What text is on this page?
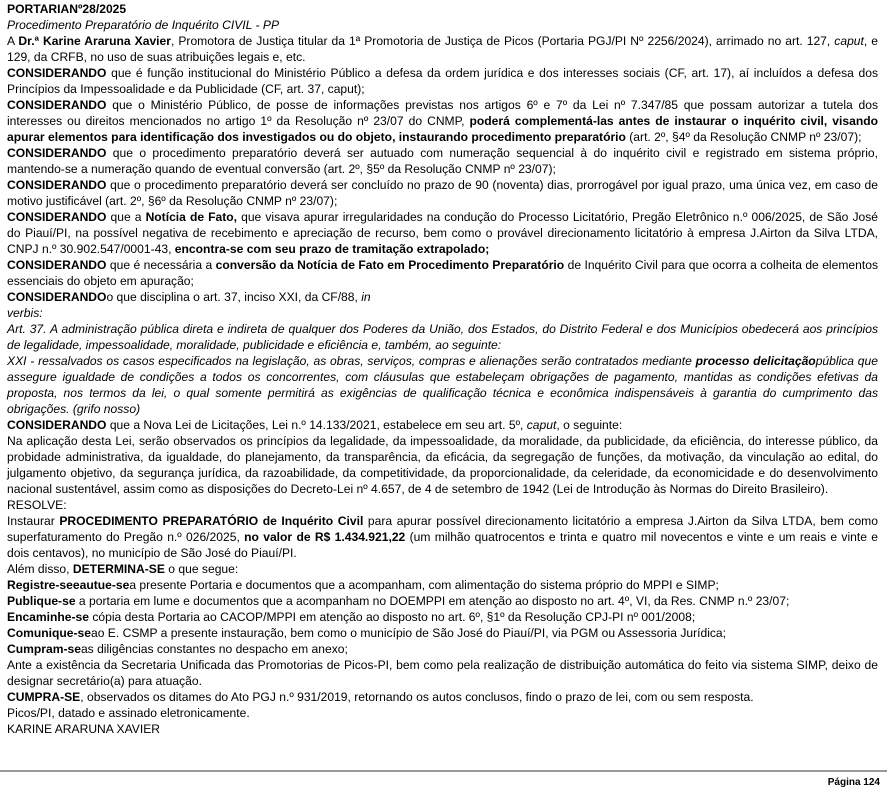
PORTARIANº28/2025

Procedimento Preparatório de Inquérito CIVIL - PP

A Dr.ª Karine Araruna Xavier, Promotora de Justiça titular da 1ª Promotoria de Justiça de Picos (Portaria PGJ/PI Nº 2256/2024), arrimado no art. 127, caput, e 129, da CRFB, no uso de suas atribuições legais e, etc.

CONSIDERANDO que é função institucional do Ministério Público a defesa da ordem jurídica e dos interesses sociais (CF, art. 17), aí incluídos a defesa dos Princípios da Impessoalidade e da Publicidade (CF, art. 37, caput);

CONSIDERANDO que o Ministério Público, de posse de informações previstas nos artigos 6º e 7º da Lei nº 7.347/85 que possam autorizar a tutela dos interesses ou direitos mencionados no artigo 1º da Resolução nº 23/07 do CNMP, poderá complementá-las antes de instaurar o inquérito civil, visando apurar elementos para identificação dos investigados ou do objeto, instaurando procedimento preparatório (art. 2º, §4º da Resolução CNMP nº 23/07);

CONSIDERANDO que o procedimento preparatório deverá ser autuado com numeração sequencial à do inquérito civil e registrado em sistema próprio, mantendo-se a numeração quando de eventual conversão (art. 2º, §5º da Resolução CNMP nº 23/07);

CONSIDERANDO que o procedimento preparatório deverá ser concluído no prazo de 90 (noventa) dias, prorrogável por igual prazo, uma única vez, em caso de motivo justificável (art. 2º, §6º da Resolução CNMP nº 23/07);

CONSIDERANDO que a Notícia de Fato, que visava apurar irregularidades na condução do Processo Licitatório, Pregão Eletrônico n.º 006/2025, de São José do Piauí/PI, na possível negativa de recebimento e apreciação de recurso, bem como o provável direcionamento licitatório à empresa J.Airton da Silva LTDA, CNPJ n.º 30.902.547/0001-43, encontra-se com seu prazo de tramitação extrapolado;

CONSIDERANDO que é necessária a conversão da Notícia de Fato em Procedimento Preparatório de Inquérito Civil para que ocorra a colheita de elementos essenciais do objeto em apuração;

CONSIDERANDOo que disciplina o art. 37, inciso XXI, da CF/88, in

verbis:

Art. 37. A administração pública direta e indireta de qualquer dos Poderes da União, dos Estados, do Distrito Federal e dos Municípios obedecerá aos princípios de legalidade, impessoalidade, moralidade, publicidade e eficiência e, também, ao seguinte:

XXI - ressalvados os casos especificados na legislação, as obras, serviços, compras e alienações serão contratados mediante processo delicitaçãopública que assegure igualdade de condições a todos os concorrentes, com cláusulas que estabeleçam obrigações de pagamento, mantidas as condições efetivas da proposta, nos termos da lei, o qual somente permitirá as exigências de qualificação técnica e econômica indispensáveis à garantia do cumprimento das obrigações. (grifo nosso)

CONSIDERANDO que a Nova Lei de Licitações, Lei n.º 14.133/2021, estabelece em seu art. 5º, caput, o seguinte:

Na aplicação desta Lei, serão observados os princípios da legalidade, da impessoalidade, da moralidade, da publicidade, da eficiência, do interesse público, da probidade administrativa, da igualdade, do planejamento, da transparência, da eficácia, da segregação de funções, da motivação, da vinculação ao edital, do julgamento objetivo, da segurança jurídica, da razoabilidade, da competitividade, da proporcionalidade, da celeridade, da economicidade e do desenvolvimento nacional sustentável, assim como as disposições do Decreto-Lei nº 4.657, de 4 de setembro de 1942 (Lei de Introdução às Normas do Direito Brasileiro).

RESOLVE:

Instaurar PROCEDIMENTO PREPARATÓRIO de Inquérito Civil para apurar possível direcionamento licitatório a empresa J.Airton da Silva LTDA, bem como superfaturamento do Pregão n.º 026/2025, no valor de R$ 1.434.921,22 (um milhão quatrocentos e trinta e quatro mil novecentos e vinte e um reais e vinte e dois centavos), no município de São José do Piauí/PI.

Além disso, DETERMINA-SE o que segue:

Registre-seeautue-sea presente Portaria e documentos que a acompanham, com alimentação do sistema próprio do MPPI e SIMP;

Publique-se a portaria em lume e documentos que a acompanham no DOEMPPI em atenção ao disposto no art. 4º, VI, da Res. CNMP n.º 23/07;

Encaminhe-se cópia desta Portaria ao CACOP/MPPI em atenção ao disposto no art. 6º, §1º da Resolução CPJ-PI nº 001/2008;

Comunique-seao E. CSMP a presente instauração, bem como o município de São José do Piauí/PI, via PGM ou Assessoria Jurídica;

Cumpram-seas diligências constantes no despacho em anexo;

Ante a existência da Secretaria Unificada das Promotorias de Picos-PI, bem como pela realização de distribuição automática do feito via sistema SIMP, deixo de designar secretário(a) para atuação.

CUMPRA-SE, observados os ditames do Ato PGJ n.º 931/2019, retornando os autos conclusos, findo o prazo de lei, com ou sem resposta.

Picos/PI, datado e assinado eletronicamente.

KARINE ARARUNA XAVIER

Página 124
